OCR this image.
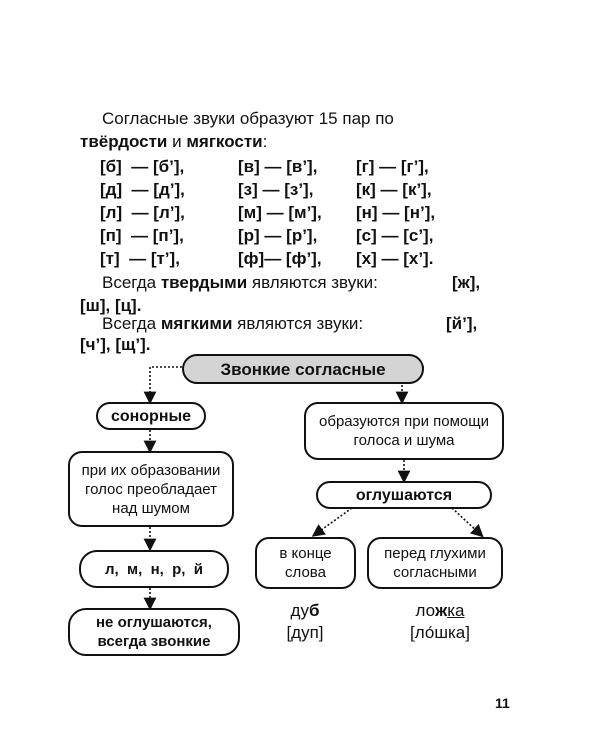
Согласные звуки образуют 15 пар по
твёрдости и мягкости:
[б]  — [б’],	[в] — [в’],	[г] — [г’],
[д]  — [д’],	[з] — [з’],	[к] — [к’],
[л]  — [л’],	[м] — [м’],	[н] — [н’],
[п]  — [п’],	[р] — [р’],	[с] — [с’],
[т]  — [т’],	[ф]— [ф’],	[х] — [х’].
Всегда твердыми являются звуки:	[ж],
[ш], [ц].
Всегда мягкими являются звуки:	[й’],
[ч’], [щ’].
Звонкие согласные
сонорные
при их образовании голос преобладает над шумом
л,  м,  н,  р,  й
не оглушаются, всегда звонкие
образуются при помощи голоса и шума
оглушаются
в конце слова
перед глухими согласными
дуб
[дуп]
ложка
[ло́шка]
11
